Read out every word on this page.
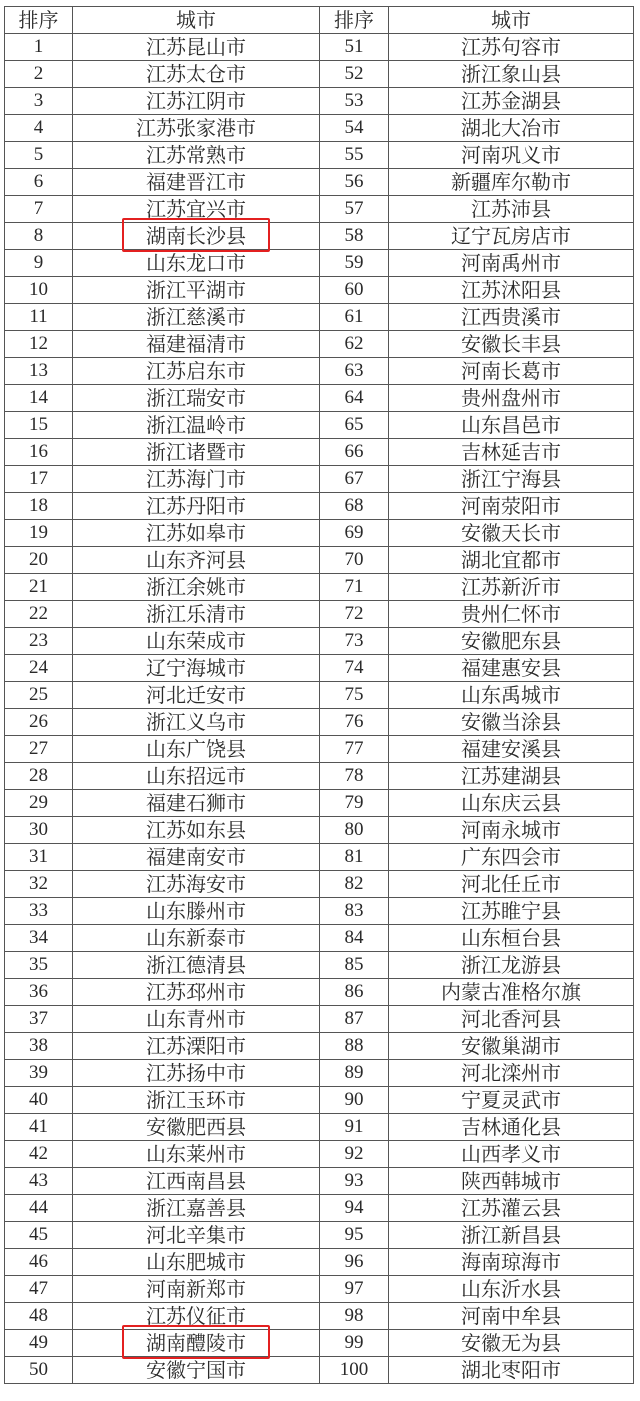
排序	城市	排序	城市
1	江苏昆山市	51	江苏句容市
2	江苏太仓市	52	浙江象山县
3	江苏江阴市	53	江苏金湖县
4	江苏张家港市	54	湖北大冶市
5	江苏常熟市	55	河南巩义市
6	福建晋江市	56	新疆库尔勒市
7	江苏宜兴市	57	江苏沛县
8	湖南长沙县	58	辽宁瓦房店市
9	山东龙口市	59	河南禹州市
10	浙江平湖市	60	江苏沭阳县
11	浙江慈溪市	61	江西贵溪市
12	福建福清市	62	安徽长丰县
13	江苏启东市	63	河南长葛市
14	浙江瑞安市	64	贵州盘州市
15	浙江温岭市	65	山东昌邑市
16	浙江诸暨市	66	吉林延吉市
17	江苏海门市	67	浙江宁海县
18	江苏丹阳市	68	河南荥阳市
19	江苏如皋市	69	安徽天长市
20	山东齐河县	70	湖北宜都市
21	浙江余姚市	71	江苏新沂市
22	浙江乐清市	72	贵州仁怀市
23	山东荣成市	73	安徽肥东县
24	辽宁海城市	74	福建惠安县
25	河北迁安市	75	山东禹城市
26	浙江义乌市	76	安徽当涂县
27	山东广饶县	77	福建安溪县
28	山东招远市	78	江苏建湖县
29	福建石狮市	79	山东庆云县
30	江苏如东县	80	河南永城市
31	福建南安市	81	广东四会市
32	江苏海安市	82	河北任丘市
33	山东滕州市	83	江苏睢宁县
34	山东新泰市	84	山东桓台县
35	浙江德清县	85	浙江龙游县
36	江苏邳州市	86	内蒙古准格尔旗
37	山东青州市	87	河北香河县
38	江苏溧阳市	88	安徽巢湖市
39	江苏扬中市	89	河北滦州市
40	浙江玉环市	90	宁夏灵武市
41	安徽肥西县	91	吉林通化县
42	山东莱州市	92	山西孝义市
43	江西南昌县	93	陕西韩城市
44	浙江嘉善县	94	江苏灌云县
45	河北辛集市	95	浙江新昌县
46	山东肥城市	96	海南琼海市
47	河南新郑市	97	山东沂水县
48	江苏仪征市	98	河南中牟县
49	湖南醴陵市	99	安徽无为县
50	安徽宁国市	100	湖北枣阳市
